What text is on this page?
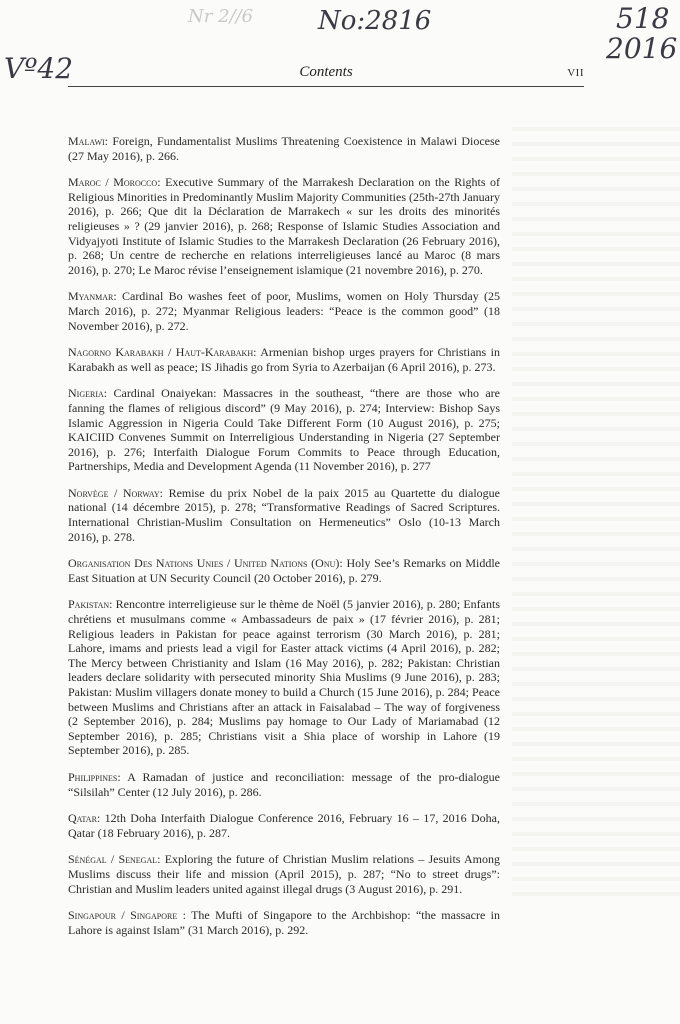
Nr 2//6 No:2816	518
2016
Vº42	Contents	VII

Malawi: Foreign, Fundamentalist Muslims Threatening Coexistence in Malawi Diocese (27 May 2016), p. 266.

Maroc / Morocco: Executive Summary of the Marrakesh Declaration on the Rights of Religious Minorities in Predominantly Muslim Majority Communities (25th-27th January 2016), p. 266; Que dit la Déclaration de Marrakech « sur les droits des minorités religieuses » ? (29 janvier 2016), p. 268; Response of Islamic Studies Association and Vidyajyoti Institute of Islamic Studies to the Marrakesh Declaration (26 February 2016), p. 268; Un centre de recherche en relations interreligieuses lancé au Maroc (8 mars 2016), p. 270; Le Maroc révise l’enseignement islamique (21 novembre 2016), p. 270.

Myanmar: Cardinal Bo washes feet of poor, Muslims, women on Holy Thursday (25 March 2016), p. 272; Myanmar Religious leaders: “Peace is the common good” (18 November 2016), p. 272.

Nagorno Karabakh / Haut-Karabakh: Armenian bishop urges prayers for Christians in Karabakh as well as peace; IS Jihadis go from Syria to Azerbaijan (6 April 2016), p. 273.

Nigeria: Cardinal Onaiyekan: Massacres in the southeast, “there are those who are fanning the flames of religious discord” (9 May 2016), p. 274; Interview: Bishop Says Islamic Aggression in Nigeria Could Take Different Form (10 August 2016), p. 275; KAICIID Convenes Summit on Interreligious Understanding in Nigeria (27 September 2016), p. 276; Interfaith Dialogue Forum Commits to Peace through Education, Partnerships, Media and Development Agenda (11 November 2016), p. 277

Norvège / Norway: Remise du prix Nobel de la paix 2015 au Quartette du dialogue national (14 décembre 2015), p. 278; “Transformative Readings of Sacred Scriptures. International Christian-Muslim Consultation on Hermeneutics” Oslo (10-13 March 2016), p. 278.

Organisation Des Nations Unies / United Nations (Onu): Holy See’s Remarks on Middle East Situation at UN Security Council (20 October 2016), p. 279.

Pakistan: Rencontre interreligieuse sur le thème de Noël (5 janvier 2016), p. 280; Enfants chrétiens et musulmans comme « Ambassadeurs de paix » (17 février 2016), p. 281; Religious leaders in Pakistan for peace against terrorism (30 March 2016), p. 281; Lahore, imams and priests lead a vigil for Easter attack victims (4 April 2016), p. 282; The Mercy between Christianity and Islam (16 May 2016), p. 282; Pakistan: Christian leaders declare solidarity with persecuted minority Shia Muslims (9 June 2016), p. 283; Pakistan: Muslim villagers donate money to build a Church (15 June 2016), p. 284; Peace between Muslims and Christians after an attack in Faisalabad – The way of forgiveness (2 September 2016), p. 284; Muslims pay homage to Our Lady of Mariamabad (12 September 2016), p. 285; Christians visit a Shia place of worship in Lahore (19 September 2016), p. 285.

Philippines: A Ramadan of justice and reconciliation: message of the pro-dialogue “Silsilah” Center (12 July 2016), p. 286.

Qatar: 12th Doha Interfaith Dialogue Conference 2016, February 16 – 17, 2016 Doha, Qatar (18 February 2016), p. 287.

Sénégal / Senegal: Exploring the future of Christian Muslim relations – Jesuits Among Muslims discuss their life and mission (April 2015), p. 287; “No to street drugs”: Christian and Muslim leaders united against illegal drugs (3 August 2016), p. 291.

Singapour / Singapore : The Mufti of Singapore to the Archbishop: “the massacre in Lahore is against Islam” (31 March 2016), p. 292.
